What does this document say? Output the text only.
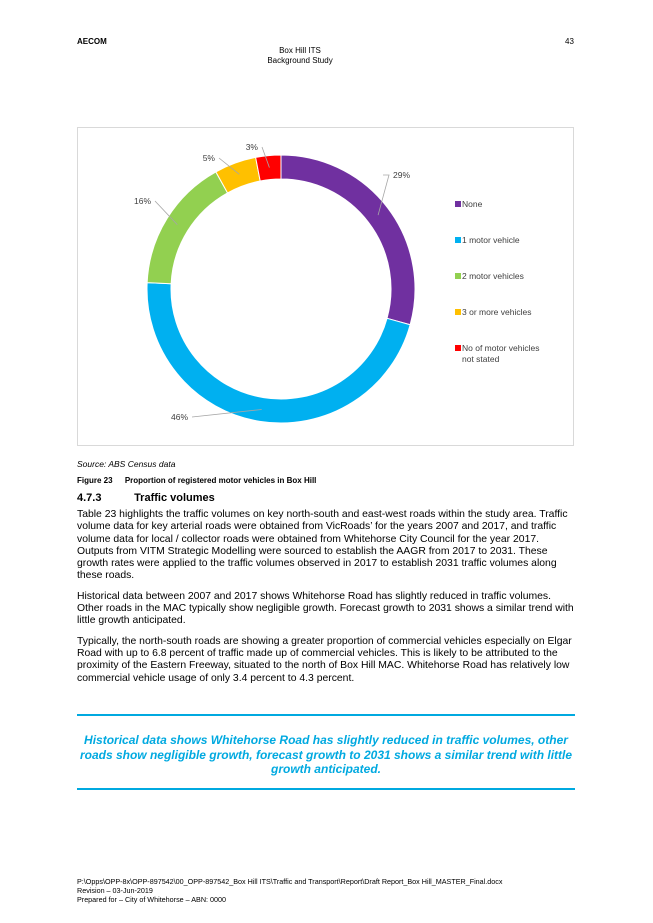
AECOM	43
Box Hill ITS
Background Study
29%
46%
16%
5%
3%
None
1 motor vehicle
2 motor vehicles
3 or more vehicles
No of motor vehicles not stated
Source: ABS Census data
Figure 23 Proportion of registered motor vehicles in Box Hill
4.7.3	Traffic volumes

Table 23 highlights the traffic volumes on key north-south and east-west roads within the study area. Traffic volume data for key arterial roads were obtained from VicRoads’ for the years 2007 and 2017, and traffic volume data for local / collector roads were obtained from Whitehorse City Council for the year 2017. Outputs from VITM Strategic Modelling were sourced to establish the AAGR from 2017 to 2031. These growth rates were applied to the traffic volumes observed in 2017 to establish 2031 traffic volumes along these roads.

Historical data between 2007 and 2017 shows Whitehorse Road has slightly reduced in traffic volumes. Other roads in the MAC typically show negligible growth. Forecast growth to 2031 shows a similar trend with little growth anticipated.

Typically, the north-south roads are showing a greater proportion of commercial vehicles especially on Elgar Road with up to 6.8 percent of traffic made up of commercial vehicles. This is likely to be attributed to the proximity of the Eastern Freeway, situated to the north of Box Hill MAC. Whitehorse Road has relatively low commercial vehicle usage of only 3.4 percent to 4.3 percent.

Historical data shows Whitehorse Road has slightly reduced in traffic volumes, other roads show negligible growth, forecast growth to 2031 shows a similar trend with little growth anticipated.
P:\Opps\OPP-8x\OPP-897542\00_OPP-897542_Box Hill ITS\Traffic and Transport\Report\Draft Report_Box Hill_MASTER_Final.docx
Revision – 03-Jun-2019
Prepared for – City of Whitehorse – ABN: 0000
